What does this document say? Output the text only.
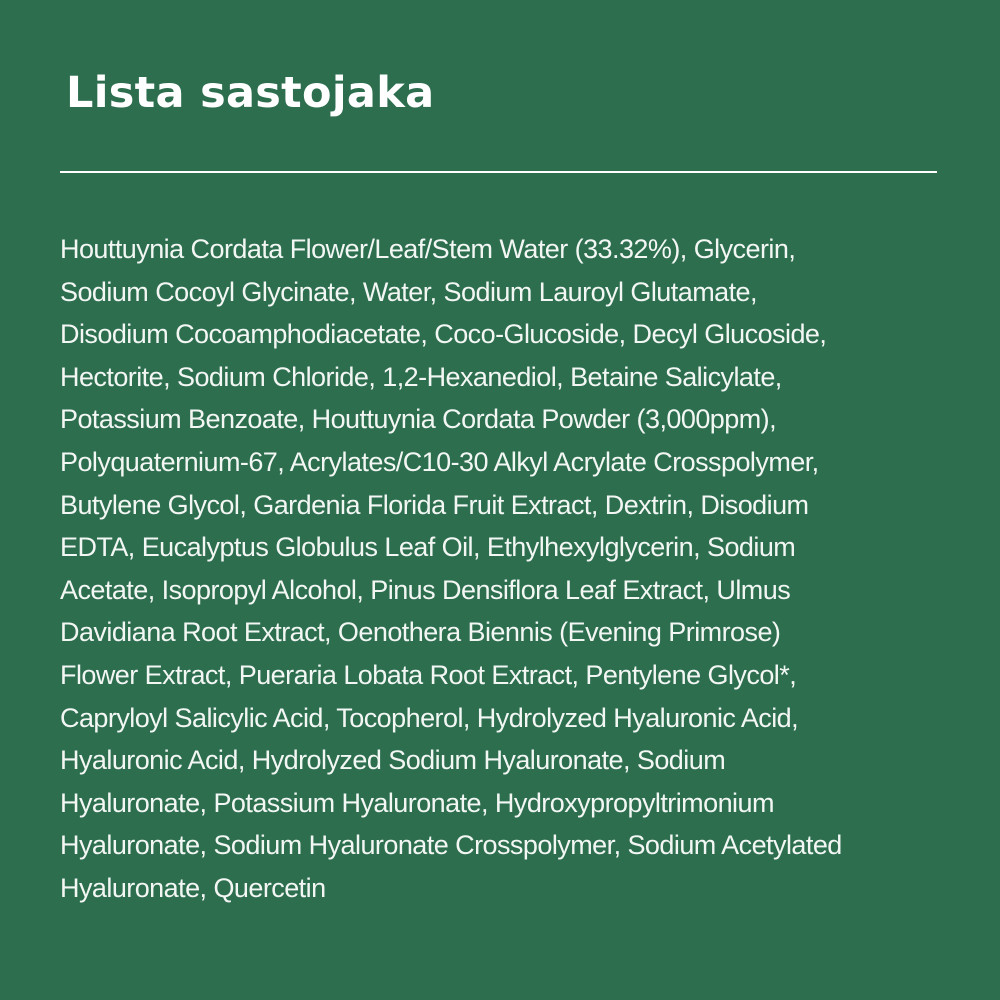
Lista sastojaka

Houttuynia Cordata Flower/Leaf/Stem Water (33.32%), Glycerin,
Sodium Cocoyl Glycinate, Water, Sodium Lauroyl Glutamate,
Disodium Cocoamphodiacetate, Coco-Glucoside, Decyl Glucoside,
Hectorite, Sodium Chloride, 1,2-Hexanediol, Betaine Salicylate,
Potassium Benzoate, Houttuynia Cordata Powder (3,000ppm),
Polyquaternium-67, Acrylates/C10-30 Alkyl Acrylate Crosspolymer,
Butylene Glycol, Gardenia Florida Fruit Extract, Dextrin, Disodium
EDTA, Eucalyptus Globulus Leaf Oil, Ethylhexylglycerin, Sodium
Acetate, Isopropyl Alcohol, Pinus Densiflora Leaf Extract, Ulmus
Davidiana Root Extract, Oenothera Biennis (Evening Primrose)
Flower Extract, Pueraria Lobata Root Extract, Pentylene Glycol*,
Capryloyl Salicylic Acid, Tocopherol, Hydrolyzed Hyaluronic Acid,
Hyaluronic Acid, Hydrolyzed Sodium Hyaluronate, Sodium
Hyaluronate, Potassium Hyaluronate, Hydroxypropyltrimonium
Hyaluronate, Sodium Hyaluronate Crosspolymer, Sodium Acetylated
Hyaluronate, Quercetin
